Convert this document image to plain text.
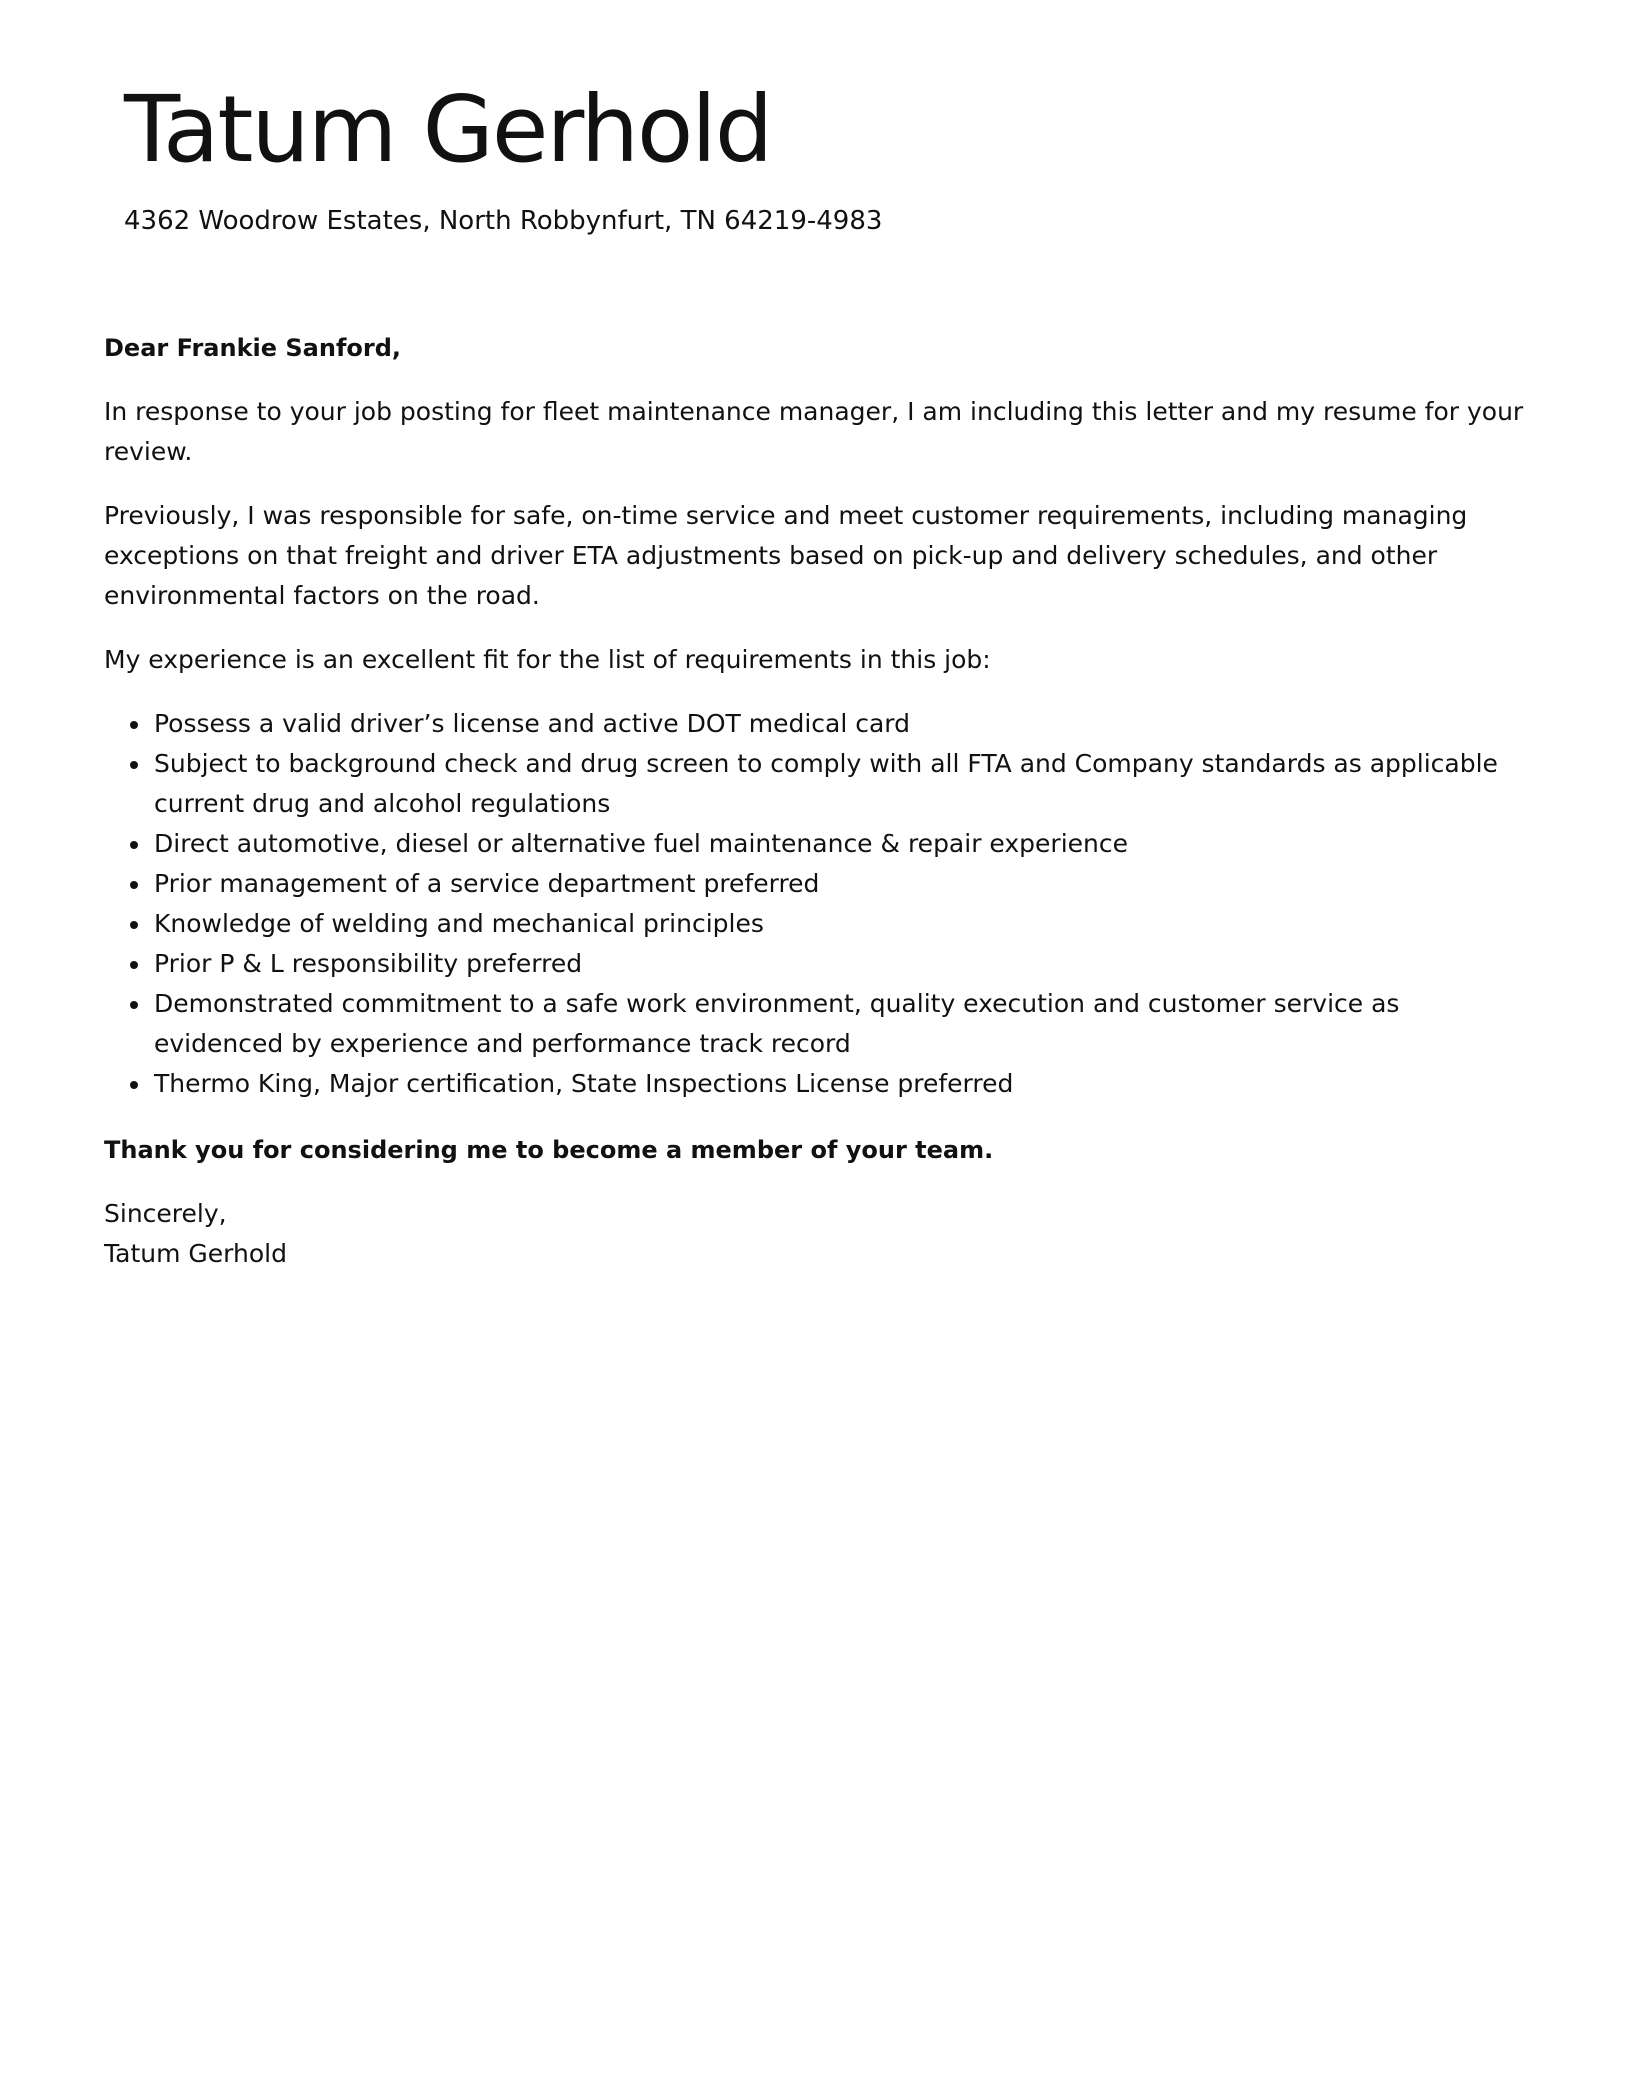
Tatum Gerhold
4362 Woodrow Estates, North Robbynfurt, TN 64219-4983

Dear Frankie Sanford,

In response to your job posting for fleet maintenance manager, I am including this letter and my resume for your review.

Previously, I was responsible for safe, on-time service and meet customer requirements, including managing exceptions on that freight and driver ETA adjustments based on pick-up and delivery schedules, and other environmental factors on the road.

My experience is an excellent fit for the list of requirements in this job:

• Possess a valid driver’s license and active DOT medical card
• Subject to background check and drug screen to comply with all FTA and Company standards as applicable current drug and alcohol regulations
• Direct automotive, diesel or alternative fuel maintenance & repair experience
• Prior management of a service department preferred
• Knowledge of welding and mechanical principles
• Prior P & L responsibility preferred
• Demonstrated commitment to a safe work environment, quality execution and customer service as evidenced by experience and performance track record
• Thermo King, Major certification, State Inspections License preferred

Thank you for considering me to become a member of your team.

Sincerely,
Tatum Gerhold
